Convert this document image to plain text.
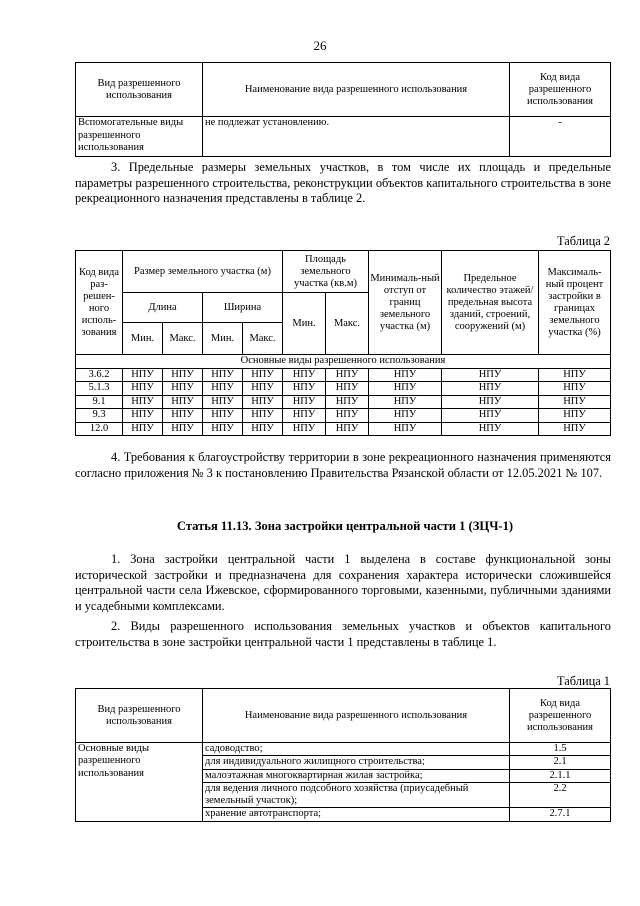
26
Вид разрешенного использования	Наименование вида разрешенного использования	Код вида разрешенного использования
Вспомогательные виды разрешенного использования	не подлежат установлению.	-

3. Предельные размеры земельных участков, в том числе их площадь и предельные параметры разрешенного строительства, реконструкции объектов капитального строительства в зоне рекреационного назначения представлены в таблице 2.

Таблица 2
Код вида раз-решен-ного исполь-зования	Размер земельного участка (м)				Площадь земельного участка (кв.м)		Минималь-ный отступ от границ земельного участка (м)	Предельное количество этажей/ предельная высота зданий, строений, сооружений (м)	Максималь-ный процент застройки в границах земельного участка (%)
	Длина		Ширина		Мин.	Макс.			
	Мин.	Макс.	Мин.	Макс.					
Основные виды разрешенного использования									
3.6.2	НПУ	НПУ	НПУ	НПУ	НПУ	НПУ	НПУ	НПУ	НПУ
5.1.3	НПУ	НПУ	НПУ	НПУ	НПУ	НПУ	НПУ	НПУ	НПУ
9.1	НПУ	НПУ	НПУ	НПУ	НПУ	НПУ	НПУ	НПУ	НПУ
9.3	НПУ	НПУ	НПУ	НПУ	НПУ	НПУ	НПУ	НПУ	НПУ
12.0	НПУ	НПУ	НПУ	НПУ	НПУ	НПУ	НПУ	НПУ	НПУ

4. Требования к благоустройству территории в зоне рекреационного назначения применяются согласно приложения № 3 к постановлению Правительства Рязанской области от 12.05.2021 № 107.

Статья 11.13. Зона застройки центральной части 1 (ЗЦЧ-1)

1. Зона застройки центральной части 1 выделена в составе функциональной зоны исторической застройки и предназначена для сохранения характера исторически сложившейся центральной части села Ижевское, сформированного торговыми, казенными, публичными зданиями и усадебными комплексами.

2. Виды разрешенного использования земельных участков и объектов капитального строительства в зоне застройки центральной части 1 представлены в таблице 1.

Таблица 1
Вид разрешенного использования	Наименование вида разрешенного использования	Код вида разрешенного использования
Основные виды разрешенного использования	садоводство;	1.5
	для индивидуального жилищного строительства;	2.1
	малоэтажная многоквартирная жилая застройка;	2.1.1
	для ведения личного подсобного хозяйства (приусадебный земельный участок);	2.2
	хранение автотранспорта;	2.7.1
